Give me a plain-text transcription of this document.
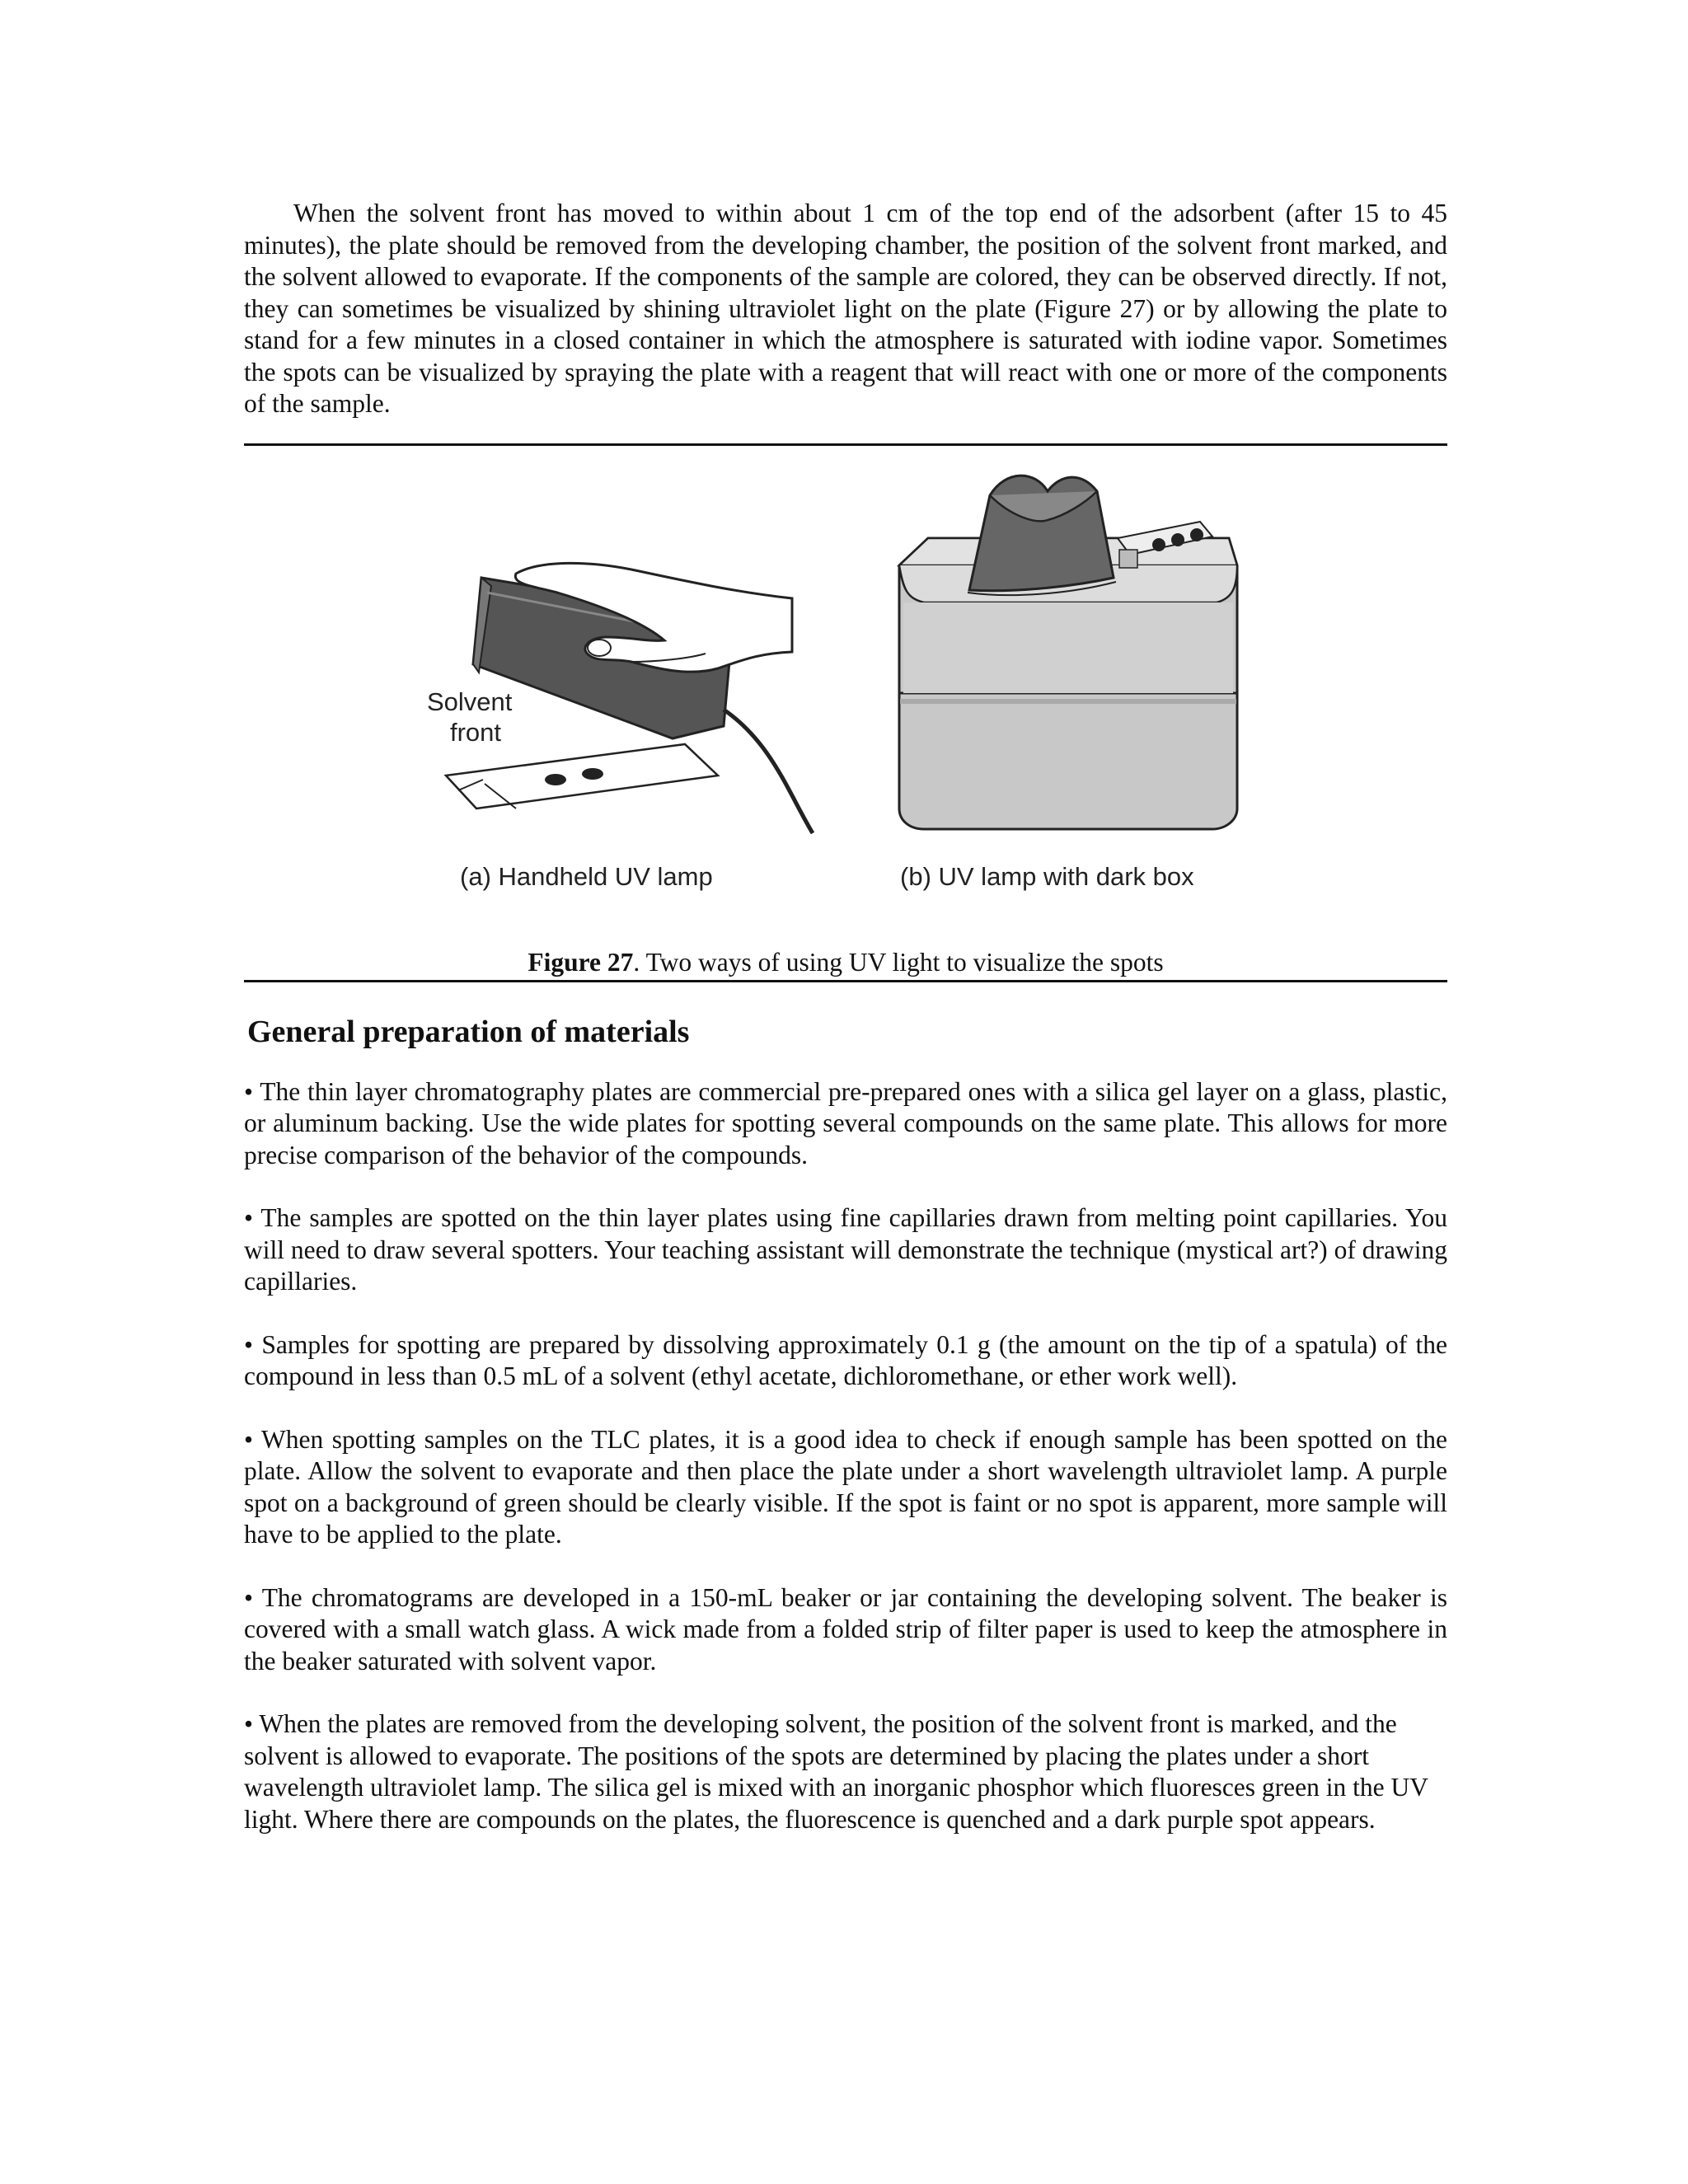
When the solvent front has moved to within about 1 cm of the top end of the adsorbent (after 15 to 45 minutes), the plate should be removed from the developing chamber, the position of the solvent front marked, and the solvent allowed to evaporate. If the components of the sample are colored, they can be observed directly. If not, they can sometimes be visualized by shining ultraviolet light on the plate (Figure 27) or by allowing the plate to stand for a few minutes in a closed container in which the atmosphere is saturated with iodine vapor. Sometimes the spots can be visualized by spraying the plate with a reagent that will react with one or more of the components of the sample.

Solvent
front
(a) Handheld UV lamp	(b) UV lamp with dark box
Figure 27. Two ways of using UV light to visualize the spots
General preparation of materials

• The thin layer chromatography plates are commercial pre-prepared ones with a silica gel layer on a glass, plastic, or aluminum backing. Use the wide plates for spotting several compounds on the same plate. This allows for more precise comparison of the behavior of the compounds.

• The samples are spotted on the thin layer plates using fine capillaries drawn from melting point capillaries. You will need to draw several spotters. Your teaching assistant will demonstrate the technique (mystical art?) of drawing capillaries.

• Samples for spotting are prepared by dissolving approximately 0.1 g (the amount on the tip of a spatula) of the compound in less than 0.5 mL of a solvent (ethyl acetate, dichloromethane, or ether work well).

• When spotting samples on the TLC plates, it is a good idea to check if enough sample has been spotted on the plate. Allow the solvent to evaporate and then place the plate under a short wavelength ultraviolet lamp. A purple spot on a background of green should be clearly visible. If the spot is faint or no spot is apparent, more sample will have to be applied to the plate.

• The chromatograms are developed in a 150-mL beaker or jar containing the developing solvent. The beaker is covered with a small watch glass. A wick made from a folded strip of filter paper is used to keep the atmosphere in the beaker saturated with solvent vapor.

• When the plates are removed from the developing solvent, the position of the solvent front is marked, and the solvent is allowed to evaporate. The positions of the spots are determined by placing the plates under a short wavelength ultraviolet lamp. The silica gel is mixed with an inorganic phosphor which fluoresces green in the UV light. Where there are compounds on the plates, the fluorescence is quenched and a dark purple spot appears.
